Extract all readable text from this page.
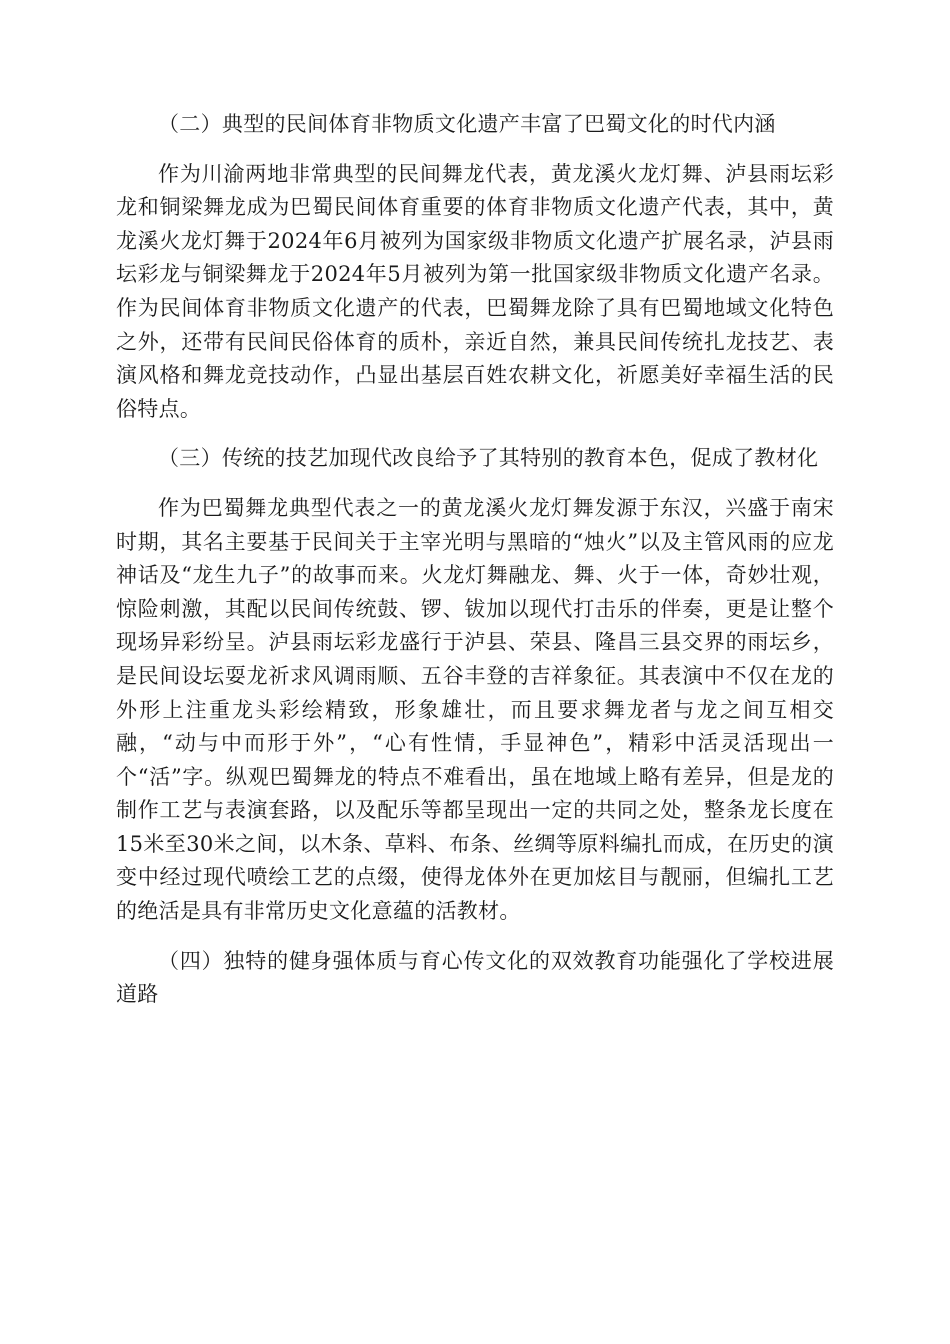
（二）典型的民间体育非物质文化遗产丰富了巴蜀文化的时代内涵

作为川渝两地非常典型的民间舞龙代表，黄龙溪火龙灯舞、泸县雨坛彩龙和铜梁舞龙成为巴蜀民间体育重要的体育非物质文化遗产代表，其中，黄龙溪火龙灯舞于2024年6月被列为国家级非物质文化遗产扩展名录，泸县雨坛彩龙与铜梁舞龙于2024年5月被列为第一批国家级非物质文化遗产名录。作为民间体育非物质文化遗产的代表，巴蜀舞龙除了具有巴蜀地域文化特色之外，还带有民间民俗体育的质朴，亲近自然，兼具民间传统扎龙技艺、表演风格和舞龙竞技动作，凸显出基层百姓农耕文化，祈愿美好幸福生活的民俗特点。

（三）传统的技艺加现代改良给予了其特别的教育本色，促成了教材化

作为巴蜀舞龙典型代表之一的黄龙溪火龙灯舞发源于东汉，兴盛于南宋时期，其名主要基于民间关于主宰光明与黑暗的“烛火”以及主管风雨的应龙神话及“龙生九子”的故事而来。火龙灯舞融龙、舞、火于一体，奇妙壮观，惊险刺激，其配以民间传统鼓、锣、钹加以现代打击乐的伴奏，更是让整个现场异彩纷呈。泸县雨坛彩龙盛行于泸县、荣县、隆昌三县交界的雨坛乡，是民间设坛耍龙祈求风调雨顺、五谷丰登的吉祥象征。其表演中不仅在龙的外形上注重龙头彩绘精致，形象雄壮，而且要求舞龙者与龙之间互相交融，“动与中而形于外”，“心有性情，手显神色”，精彩中活灵活现出一个“活”字。纵观巴蜀舞龙的特点不难看出，虽在地域上略有差异，但是龙的制作工艺与表演套路，以及配乐等都呈现出一定的共同之处，整条龙长度在15米至30米之间，以木条、草料、布条、丝绸等原料编扎而成，在历史的演变中经过现代喷绘工艺的点缀，使得龙体外在更加炫目与靓丽，但编扎工艺的绝活是具有非常历史文化意蕴的活教材。

（四）独特的健身强体质与育心传文化的双效教育功能强化了学校进展道路
